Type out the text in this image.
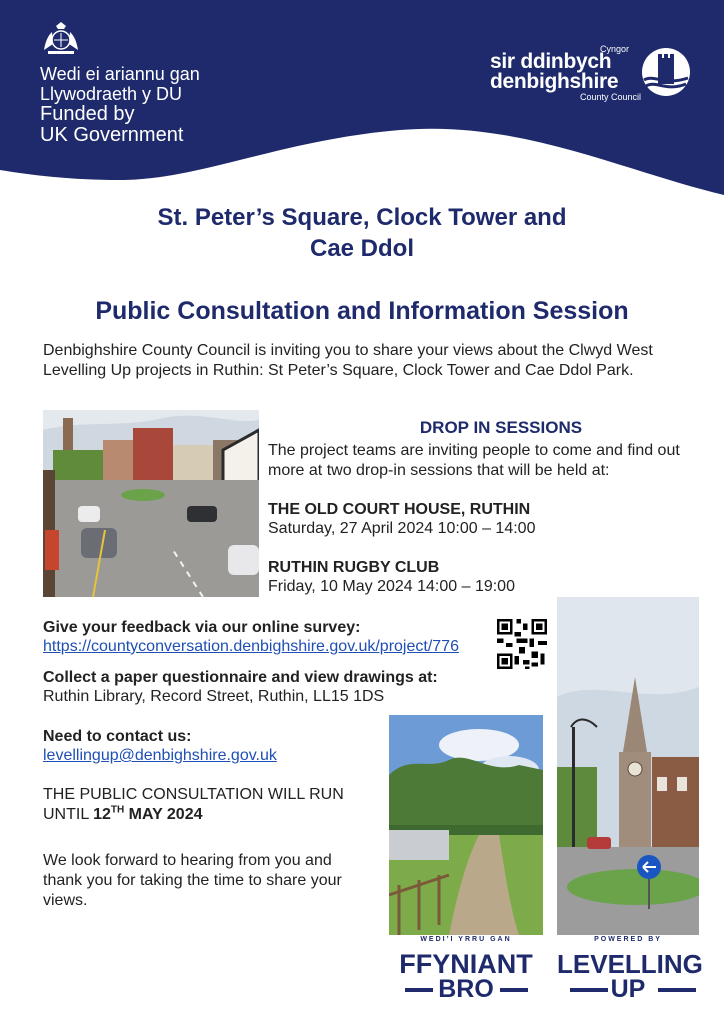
Wedi ei ariannu gan
Llywodraeth y DU
Funded by
UK Government
Cyngor
sir ddinbych
denbighshire
County Council
St. Peter’s Square, Clock Tower and
Cae Ddol
Public Consultation and Information Session
Denbighshire County Council is inviting you to share your views about the Clwyd West Levelling Up projects in Ruthin: St Peter’s Square, Clock Tower and Cae Ddol Park.
DROP IN SESSIONS
The project teams are inviting people to come and find out more at two drop-in sessions that will be held at:
THE OLD COURT HOUSE, RUTHIN
Saturday, 27 April 2024 10:00 – 14:00
RUTHIN RUGBY CLUB
Friday, 10 May 2024 14:00 – 19:00
Give your feedback via our online survey:
https://countyconversation.denbighshire.gov.uk/project/776
Collect a paper questionnaire and view drawings at:
Ruthin Library, Record Street, Ruthin, LL15 1DS
Need to contact us:
levellingup@denbighshire.gov.uk
THE PUBLIC CONSULTATION WILL RUN
UNTIL 12TH MAY 2024
We look forward to hearing from you and thank you for taking the time to share your views.
WEDI’I YRRU GAN
FFYNIANT
BRO
POWERED BY
LEVELLING
UP
